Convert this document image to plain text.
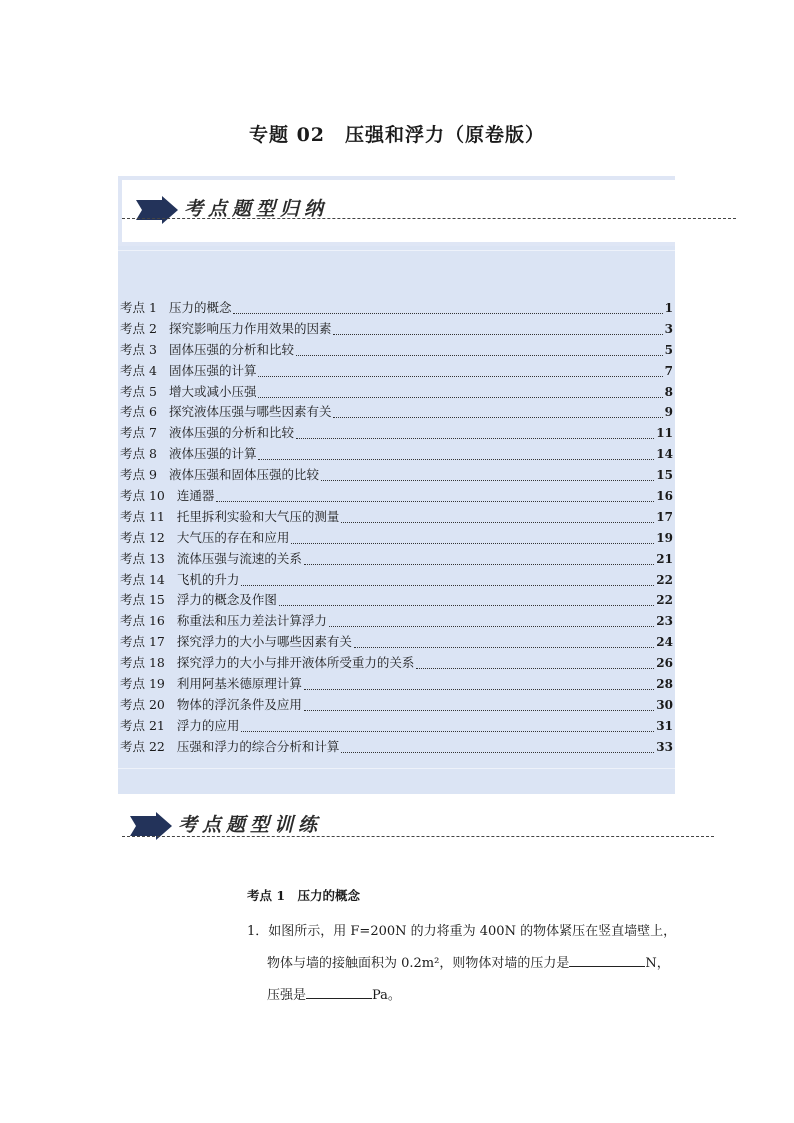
专题 02　压强和浮力（原卷版）
考点题型归纳
考点 1 压力的概念	1
考点 2 探究影响压力作用效果的因素	3
考点 3 固体压强的分析和比较	5
考点 4 固体压强的计算	7
考点 5 增大或减小压强	8
考点 6 探究液体压强与哪些因素有关	9
考点 7 液体压强的分析和比较	11
考点 8 液体压强的计算	14
考点 9 液体压强和固体压强的比较	15
考点 10 连通器	16
考点 11 托里拆利实验和大气压的测量	17
考点 12 大气压的存在和应用	19
考点 13 流体压强与流速的关系	21
考点 14 飞机的升力	22
考点 15 浮力的概念及作图	22
考点 16 称重法和压力差法计算浮力	23
考点 17 探究浮力的大小与哪些因素有关	24
考点 18 探究浮力的大小与排开液体所受重力的关系	26
考点 19 利用阿基米德原理计算	28
考点 20 物体的浮沉条件及应用	30
考点 21 浮力的应用	31
考点 22 压强和浮力的综合分析和计算	33
考点题型训练
考点 1　压力的概念
1．如图所示，用 F=200N 的力将重为 400N 的物体紧压在竖直墙壁上，
物体与墙的接触面积为 0.2m²，则物体对墙的压力是	N，
压强是	Pa。
